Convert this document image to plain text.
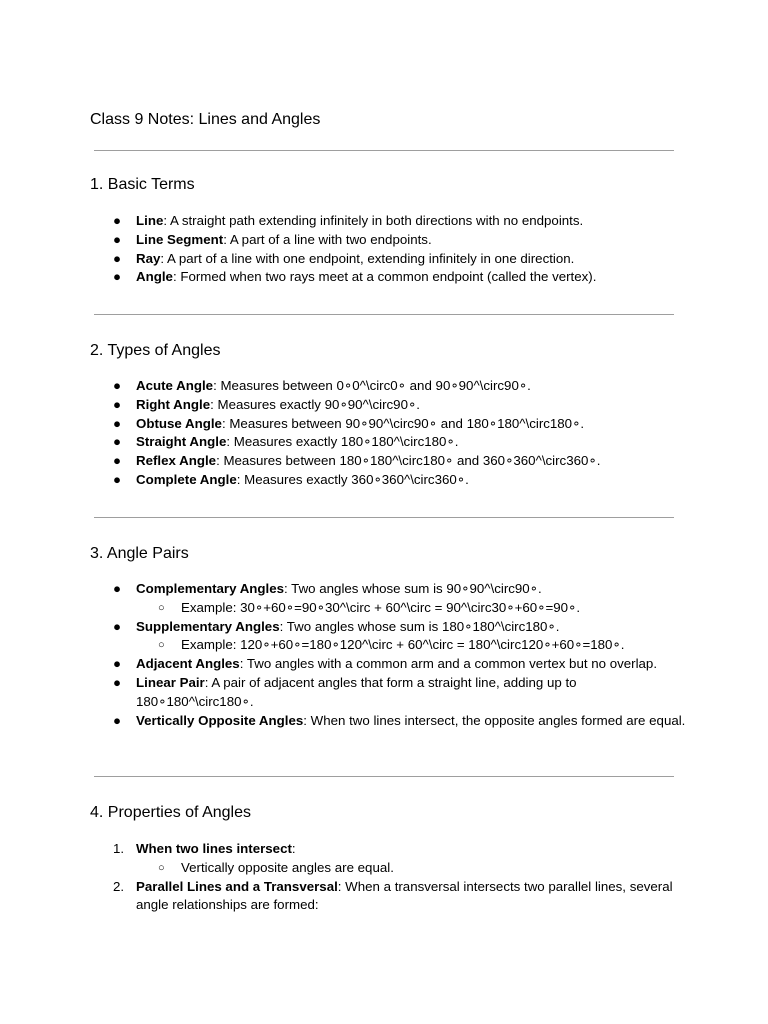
Class 9 Notes: Lines and Angles
1. Basic Terms
●	Line: A straight path extending infinitely in both directions with no endpoints.
●	Line Segment: A part of a line with two endpoints.
●	Ray: A part of a line with one endpoint, extending infinitely in one direction.
●	Angle: Formed when two rays meet at a common endpoint (called the vertex).
2. Types of Angles
●	Acute Angle: Measures between 0∘0^\circ0∘ and 90∘90^\circ90∘.
●	Right Angle: Measures exactly 90∘90^\circ90∘.
●	Obtuse Angle: Measures between 90∘90^\circ90∘ and 180∘180^\circ180∘.
●	Straight Angle: Measures exactly 180∘180^\circ180∘.
●	Reflex Angle: Measures between 180∘180^\circ180∘ and 360∘360^\circ360∘.
●	Complete Angle: Measures exactly 360∘360^\circ360∘.
3. Angle Pairs
●	Complementary Angles: Two angles whose sum is 90∘90^\circ90∘.
○ Example: 30∘+60∘=90∘30^\circ + 60^\circ = 90^\circ30∘+60∘=90∘.
●	Supplementary Angles: Two angles whose sum is 180∘180^\circ180∘.
○ Example: 120∘+60∘=180∘120^\circ + 60^\circ = 180^\circ120∘+60∘=180∘.
●	Adjacent Angles: Two angles with a common arm and a common vertex but no overlap.
●	Linear Pair: A pair of adjacent angles that form a straight line, adding up to 180∘180^\circ180∘.
●	Vertically Opposite Angles: When two lines intersect, the opposite angles formed are equal.
4. Properties of Angles
1. When two lines intersect:
○ Vertically opposite angles are equal.
2. Parallel Lines and a Transversal: When a transversal intersects two parallel lines, several angle relationships are formed:
